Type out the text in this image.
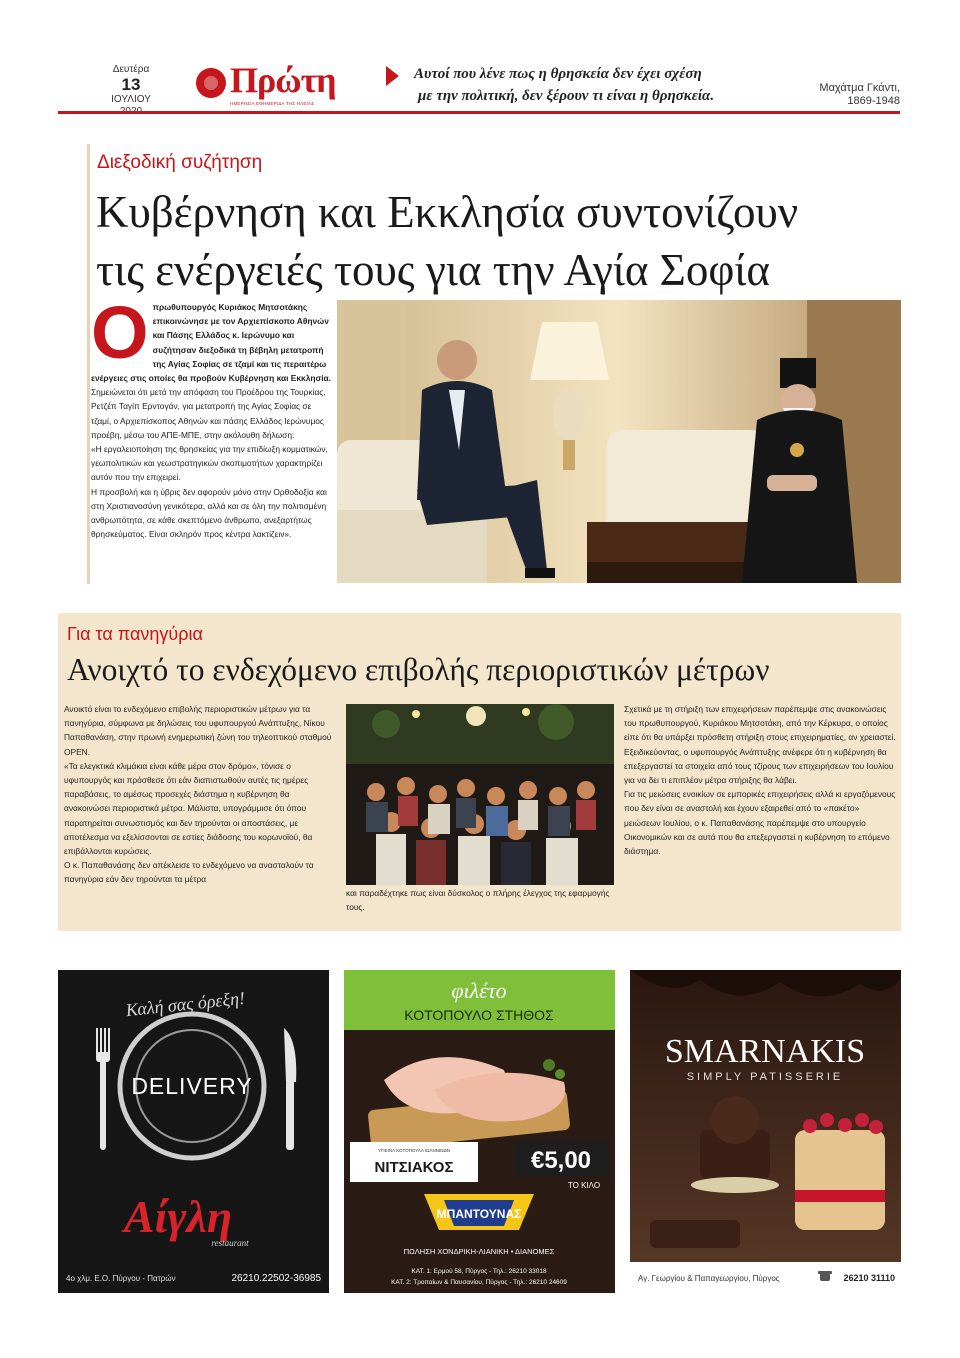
Δευτέρα
13
ΙΟΥΛΙΟΥ	Πρώτη
ΗΜΕΡΗΣΙΑ ΕΦΗΜΕΡΙΔΑ ΤΗΣ ΗΛΕΙΑΣ
Αυτοί που λένε πως η θρησκεία δεν έχει σχέση
με την πολιτική, δεν ξέρουν τι είναι η θρησκεία.	Μαχάτμα Γκάντι,
1869-1948
Διεξοδική συζήτηση
Κυβέρνηση και Εκκλησία συντονίζουν
τις ενέργειές τους για την Αγία Σοφία
Ο πρωθυπουργός Κυριάκος Μητσοτάκης επικοινώνησε με τον Αρχιεπίσκοπο Αθηνών και Πάσης Ελλάδος κ. Ιερώνυμο και συζήτησαν διεξοδικά τη βέβηλη μετατροπή της Αγίας Σοφίας σε τζαμί και τις περαιτέρω ενέργειες στις οποίες θα προβούν Κυβέρνηση και Εκκλησία.

Σημειώνεται ότι μετά την απόφαση του Προέδρου της Τουρκίας, Ρετζέπ Ταγίπ Ερντογάν, για μετατροπή της Αγίας Σοφίας σε τζαμί, ο Αρχιεπίσκοπος Αθηνών και πάσης Ελλάδος Ιερώνυμος προέβη, μέσω του ΑΠΕ-ΜΠΕ, στην ακόλουθη δήλωση:

«Η εργαλειοποίηση της θρησκείας για την επιδίωξη κομματικών, γεωπολιτικών και γεωστρατηγικών σκοπιμοτήτων χαρακτηρίζει αυτόν που την επιχειρεί.

Η προσβολή και η ύβρις δεν αφορούν μόνο στην Ορθοδοξία και στη Χριστιανοσύνη γενικότερα, αλλά και σε όλη την πολιτισμένη ανθρωπότητα, σε κάθε σκεπτόμενο άνθρωπο, ανεξαρτήτως θρησκεύματος. Είναι σκληρόν προς κέντρα λακτίζειν».

Για τα πανηγύρια
Ανοιχτό το ενδεχόμενο επιβολής περιοριστικών μέτρων

Ανοικτό είναι το ενδεχόμενο επιβολής περιοριστικών μέτρων για τα πανηγύρια, σύμφωνα με δηλώσεις του υφυπουργού Ανάπτυξης, Νίκου Παπαθανάση, στην πρωινή ενημερωτική ζώνη του τηλεοπτικού σταθμού OPEN.

«Τα ελεγκτικά κλιμάκια είναι κάθε μέρα στον δρόμο», τόνισε ο υφυπουργός και πρόσθεσε ότι εάν διαπιστωθούν αυτές τις ημέρες παραβάσεις, το αμέσως προσεχές διάστημα η κυβέρνηση θα ανακοινώσει περιοριστικά μέτρα. Μάλιστα, υπογράμμισε ότι όπου παρατηρείται συνωστισμός και δεν τηρούνται οι αποστάσεις, με αποτέλεσμα να εξελίσσονται σε εστίες διάδοσης του κορωνοϊού, θα επιβάλλονται κυρώσεις.

Ο κ. Παπαθανάσης δεν απέκλεισε το ενδεχόμενο να ανασταλούν τα πανηγύρια εάν δεν τηρούνται τα μέτρα

και παραδέχτηκε πως είναι δύσκολος ο πλήρης έλεγχος της εφαρμογής τους.

Σχετικά με τη στήριξη των επιχειρήσεων παρέπεμψε στις ανακοινώσεις του πρωθυπουργού, Κυριάκου Μητσοτάκη, από την Κέρκυρα, ο οποίος είπε ότι θα υπάρξει πρόσθετη στήριξη στους επιχειρηματίες, αν χρειαστεί.

Εξειδικεύοντας, ο υφυπουργός Ανάπτυξης ανέφερε ότι η κυβέρνηση θα επεξεργαστεί τα στοιχεία από τους τζίρους των επιχειρήσεων του Ιουλίου για να δει τι επιπλέον μέτρα στήριξης θα λάβει.

Για τις μειώσεις ενοικίων σε εμπορικές επιχειρήσεις αλλά κι εργαζόμενους που δεν είναι σε αναστολή και έχουν εξαιρεθεί από το «πακέτο» μειώσεων Ιουλίου, ο κ. Παπαθανάσης παρέπεμψε στο υπουργείο Οικονομικών και σε αυτά που θα επεξεργαστεί η κυβέρνηση το επόμενο διάστημα.

Καλή σας όρεξη!
DELIVERY
Αίγλη
restaurant
4ο χλμ. Ε.Ο. Πύργου - Πατρών	26210.22502-36985
φιλέτο
ΚΟΤΟΠΟΥΛΟ ΣΤΗΘΟΣ
ΥΓΙΕΙΝΑ ΚΟΤΟΠΟΥΛΑ ΙΩΑΝΝΙΝΩΝ
ΝΙΤΣΙΑΚΟΣ	€5,00
ΤΟ ΚΙΛΟ
ΜΠΑΝΤΟΥΝΑΣ
ΠΩΛΗΣΗ ΧΟΝΔΡΙΚΗ-ΛΙΑΝΙΚΗ • ΔΙΑΝΟΜΕΣ
ΚΑΤ. 1: Ερμού 58, Πύργος - Τηλ.: 26210 33018
ΚΑΤ. 2: Τροπαίων & Παυσανίου, Πύργος - Τηλ.: 26210 24609
SMARNAKIS
SIMPLY PATISSERIE
Αγ. Γεωργίου & Παπαγεωργίου, Πύργος	26210 31110
